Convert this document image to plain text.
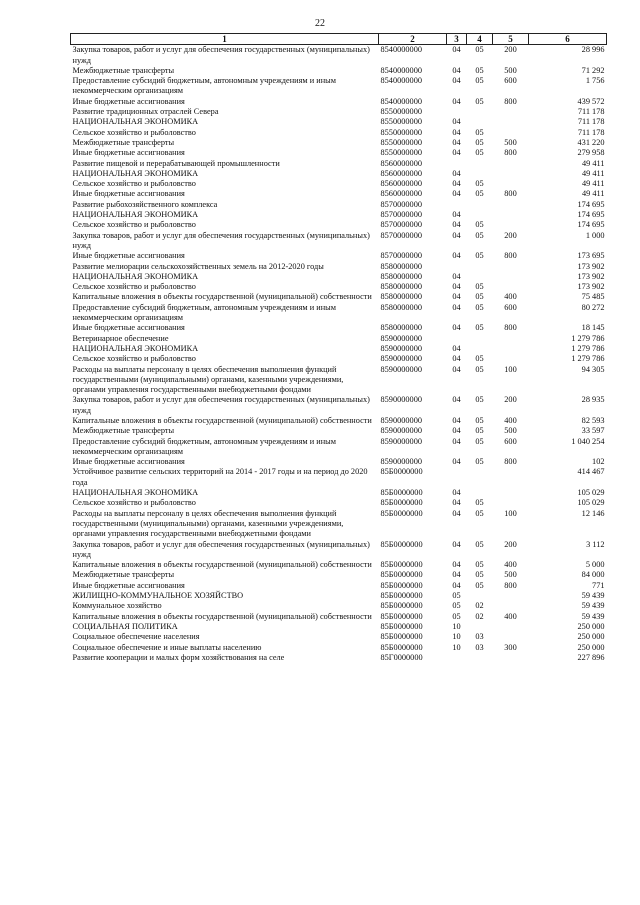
22
1	2	3	4	5	6
Закупка товаров, работ и услуг для обеспечения государственных (муниципальных) нужд	8540000000	04	05	200	28 996
Межбюджетные трансферты	8540000000	04	05	500	71 292
Предоставление субсидий бюджетным, автономным учреждениям и иным некоммерческим организациям	8540000000	04	05	600	1 756
Иные бюджетные ассигнования	8540000000	04	05	800	439 572
Развитие традиционных отраслей Севера	8550000000				711 178
НАЦИОНАЛЬНАЯ ЭКОНОМИКА	8550000000	04			711 178
Сельское хозяйство и рыболовство	8550000000	04	05		711 178
Межбюджетные трансферты	8550000000	04	05	500	431 220
Иные бюджетные ассигнования	8550000000	04	05	800	279 958
Развитие пищевой и перерабатывающей промышленности	8560000000				49 411
НАЦИОНАЛЬНАЯ ЭКОНОМИКА	8560000000	04			49 411
Сельское хозяйство и рыболовство	8560000000	04	05		49 411
Иные бюджетные ассигнования	8560000000	04	05	800	49 411
Развитие рыбохозяйственного комплекса	8570000000				174 695
НАЦИОНАЛЬНАЯ ЭКОНОМИКА	8570000000	04			174 695
Сельское хозяйство и рыболовство	8570000000	04	05		174 695
Закупка товаров, работ и услуг для обеспечения государственных (муниципальных) нужд	8570000000	04	05	200	1 000
Иные бюджетные ассигнования	8570000000	04	05	800	173 695
Развитие мелиорации сельскохозяйственных земель на 2012-2020 годы	8580000000				173 902
НАЦИОНАЛЬНАЯ ЭКОНОМИКА	8580000000	04			173 902
Сельское хозяйство и рыболовство	8580000000	04	05		173 902
Капитальные вложения в объекты государственной (муниципальной) собственности	8580000000	04	05	400	75 485
Предоставление субсидий бюджетным, автономным учреждениям и иным некоммерческим организациям	8580000000	04	05	600	80 272
Иные бюджетные ассигнования	8580000000	04	05	800	18 145
Ветеринарное обеспечение	8590000000				1 279 786
НАЦИОНАЛЬНАЯ ЭКОНОМИКА	8590000000	04			1 279 786
Сельское хозяйство и рыболовство	8590000000	04	05		1 279 786
Расходы на выплаты персоналу в целях обеспечения выполнения функций государственными (муниципальными) органами, казенными учреждениями, органами управления государственными внебюджетными фондами	8590000000	04	05	100	94 305
Закупка товаров, работ и услуг для обеспечения государственных (муниципальных) нужд	8590000000	04	05	200	28 935
Капитальные вложения в объекты государственной (муниципальной) собственности	8590000000	04	05	400	82 593
Межбюджетные трансферты	8590000000	04	05	500	33 597
Предоставление субсидий бюджетным, автономным учреждениям и иным некоммерческим организациям	8590000000	04	05	600	1 040 254
Иные бюджетные ассигнования	8590000000	04	05	800	102
Устойчивое развитие сельских территорий на 2014 - 2017 годы и на период до 2020 года	85Б0000000				414 467
НАЦИОНАЛЬНАЯ ЭКОНОМИКА	85Б0000000	04			105 029
Сельское хозяйство и рыболовство	85Б0000000	04	05		105 029
Расходы на выплаты персоналу в целях обеспечения выполнения функций государственными (муниципальными) органами, казенными учреждениями, органами управления государственными внебюджетными фондами	85Б0000000	04	05	100	12 146
Закупка товаров, работ и услуг для обеспечения государственных (муниципальных) нужд	85Б0000000	04	05	200	3 112
Капитальные вложения в объекты государственной (муниципальной) собственности	85Б0000000	04	05	400	5 000
Межбюджетные трансферты	85Б0000000	04	05	500	84 000
Иные бюджетные ассигнования	85Б0000000	04	05	800	771
ЖИЛИЩНО-КОММУНАЛЬНОЕ ХОЗЯЙСТВО	85Б0000000	05			59 439
Коммунальное хозяйство	85Б0000000	05	02		59 439
Капитальные вложения в объекты государственной (муниципальной) собственности	85Б0000000	05	02	400	59 439
СОЦИАЛЬНАЯ ПОЛИТИКА	85Б0000000	10			250 000
Социальное обеспечение населения	85Б0000000	10	03		250 000
Социальное обеспечение и иные выплаты населению	85Б0000000	10	03	300	250 000
Развитие кооперации и малых форм хозяйствования на селе	85Г0000000				227 896
